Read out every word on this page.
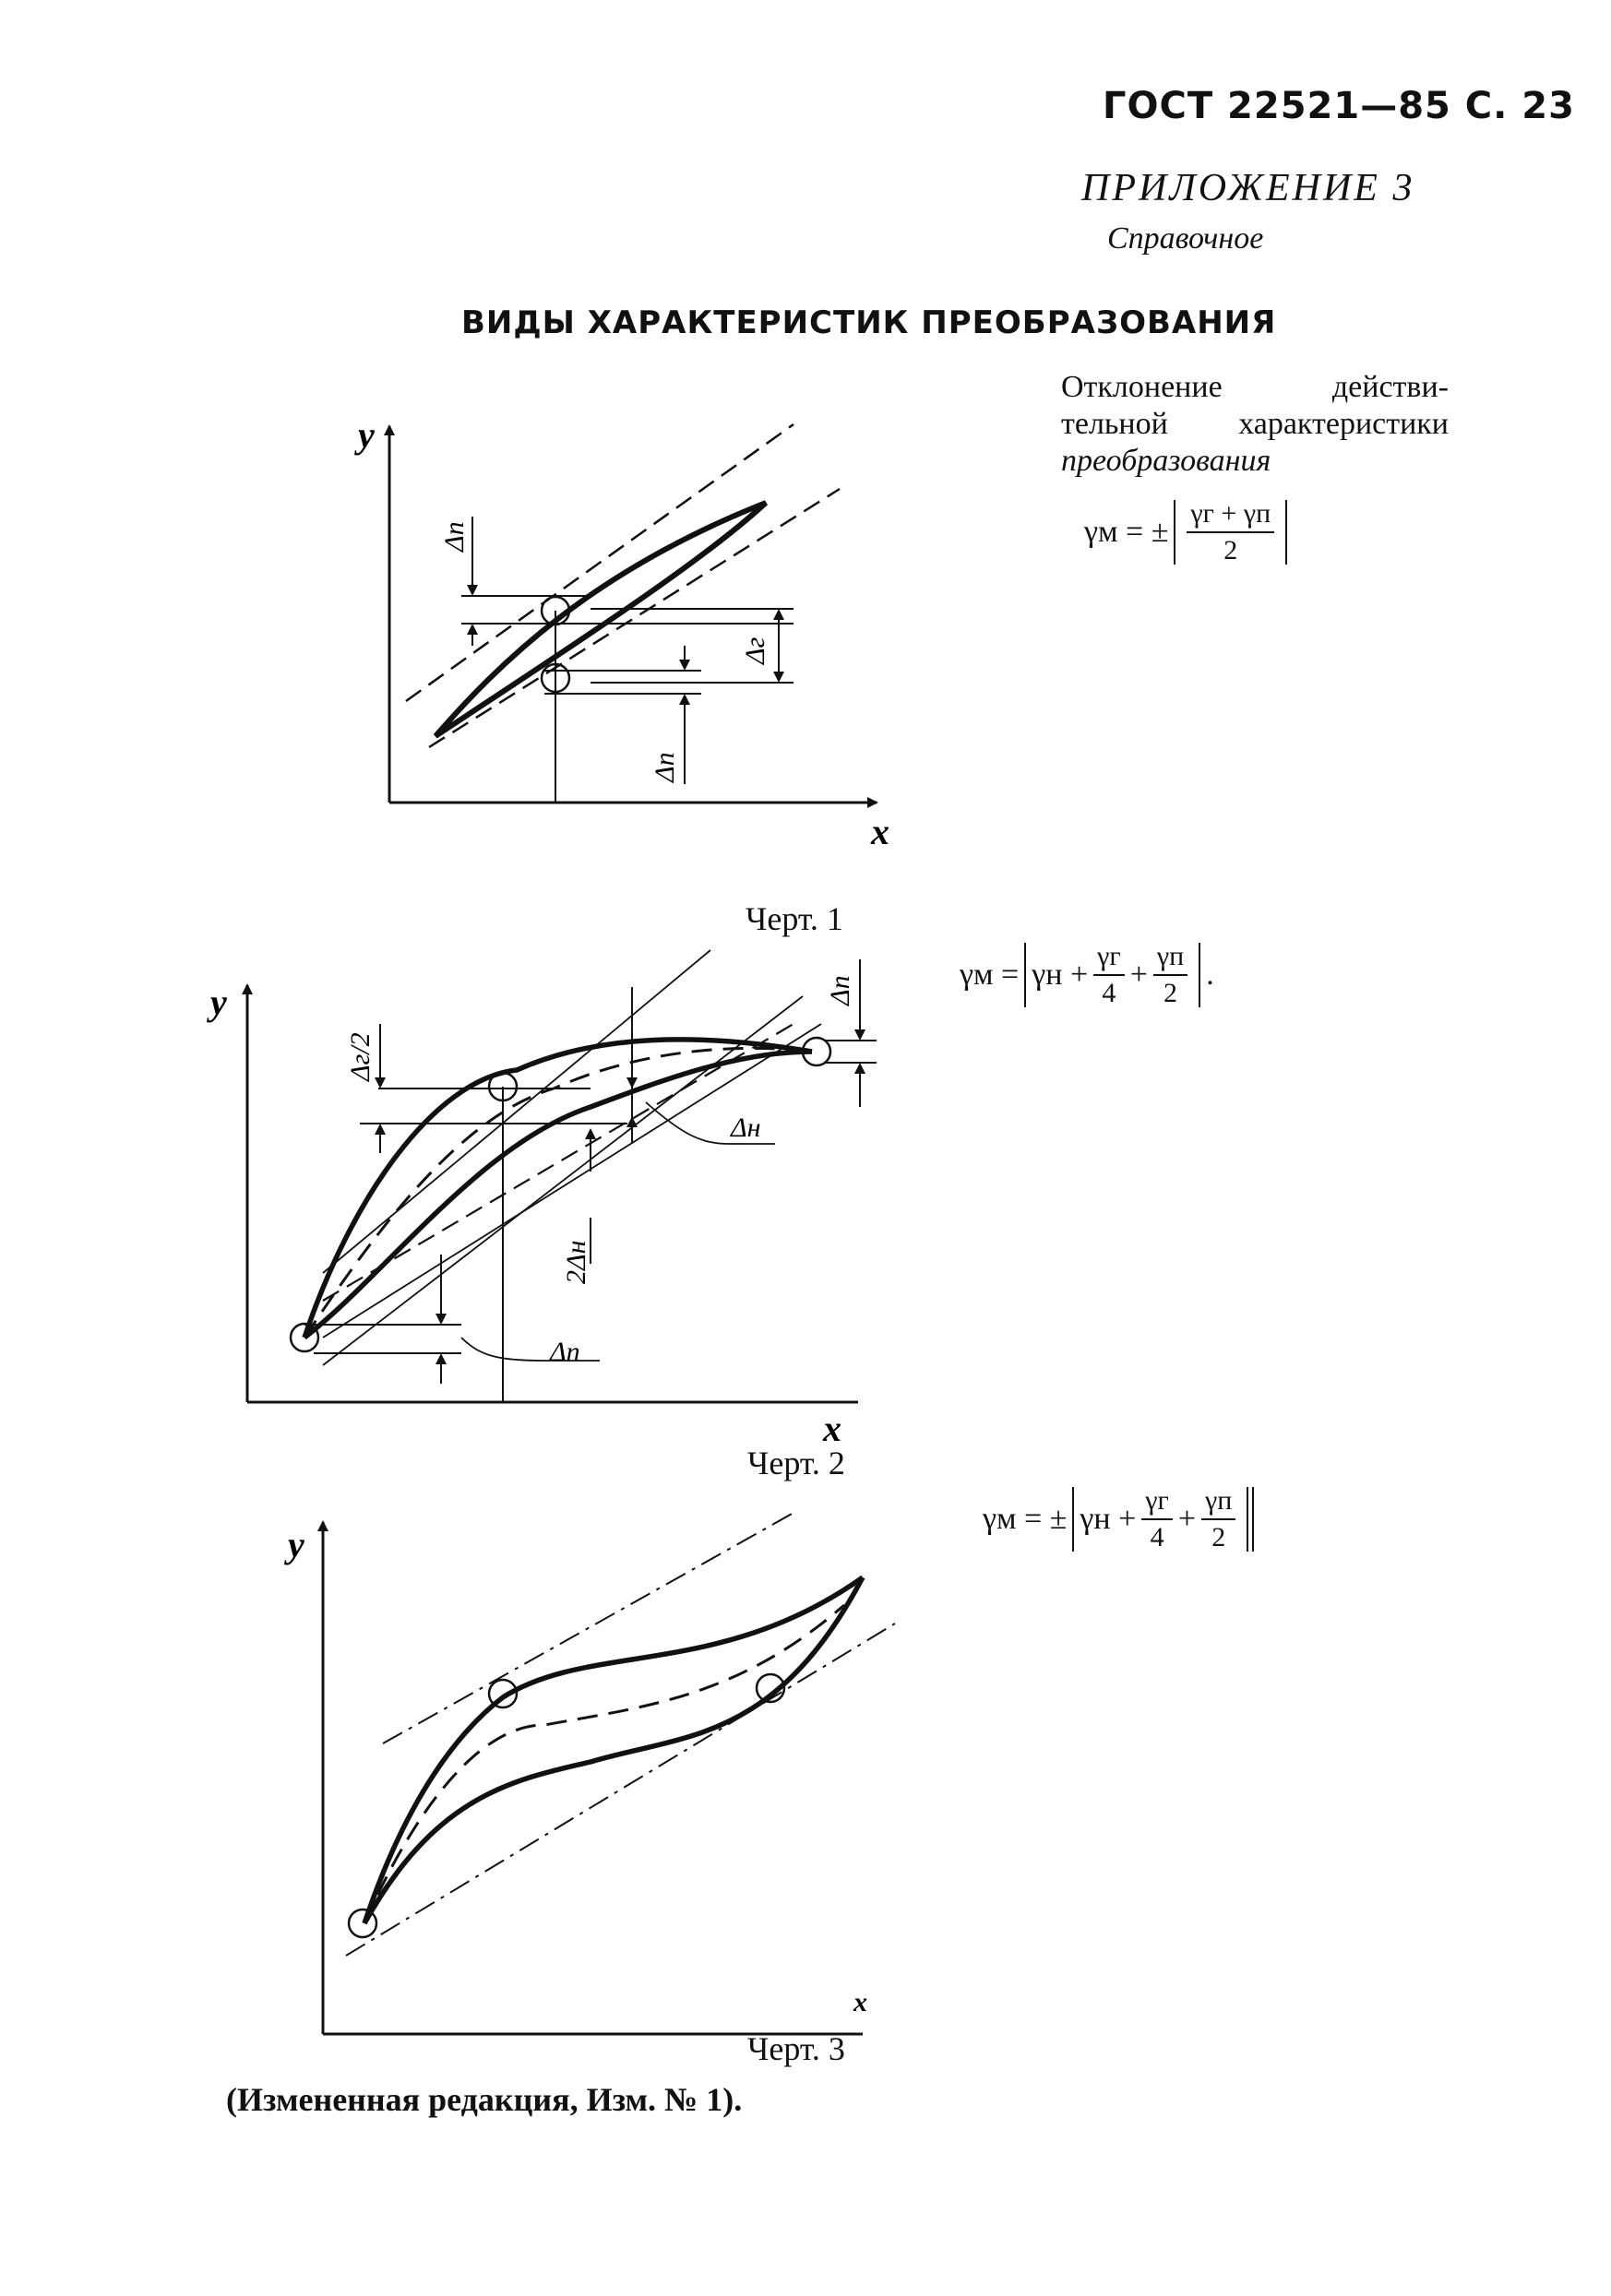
ГОСТ 22521—85 С. 23
ПРИЛОЖЕНИЕ 3
Справочное
ВИДЫ ХАРАКТЕРИСТИК ПРЕОБРАЗОВАНИЯ
Отклонение действи-
тельной характеристики
преобразования
γм = ± $\frac{\gamma г + \gamma п}{2}$
$\gamma м = \gamma н + \frac{\gamma г}{4} + \frac{\gamma п}{2}$ .
γм = ± $\gamma н + \frac{\gamma г}{4} + \frac{\gamma п}{2}$
y
x
Δп
Δг
Δп
Черт. 1
y
x
Δг/2
Δп
Δн
2Δн
Δп
Черт. 2
y
x
Черт. 3
(Измененная редакция, Изм. № 1).
